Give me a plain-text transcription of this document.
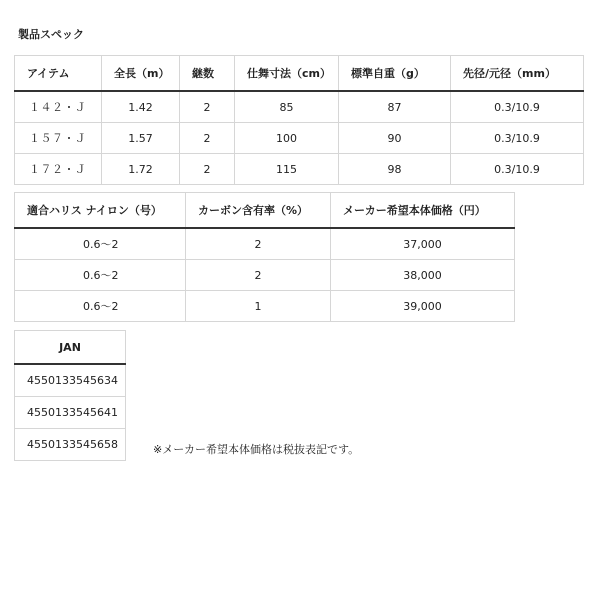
製品スペック
アイテム	全長（m）	継数	仕舞寸法（cm）	標準自重（g）	先径/元径（mm）
１４２・Ｊ	1.42	2	85	87	0.3/10.9
１５７・Ｊ	1.57	2	100	90	0.3/10.9
１７２・Ｊ	1.72	2	115	98	0.3/10.9
適合ハリス ナイロン（号）	カーボン含有率（%）	メーカー希望本体価格（円）
0.6～2	2	37,000
0.6～2	2	38,000
0.6～2	1	39,000
JAN
4550133545634
4550133545641
4550133545658	※メーカー希望本体価格は税抜表記です。
